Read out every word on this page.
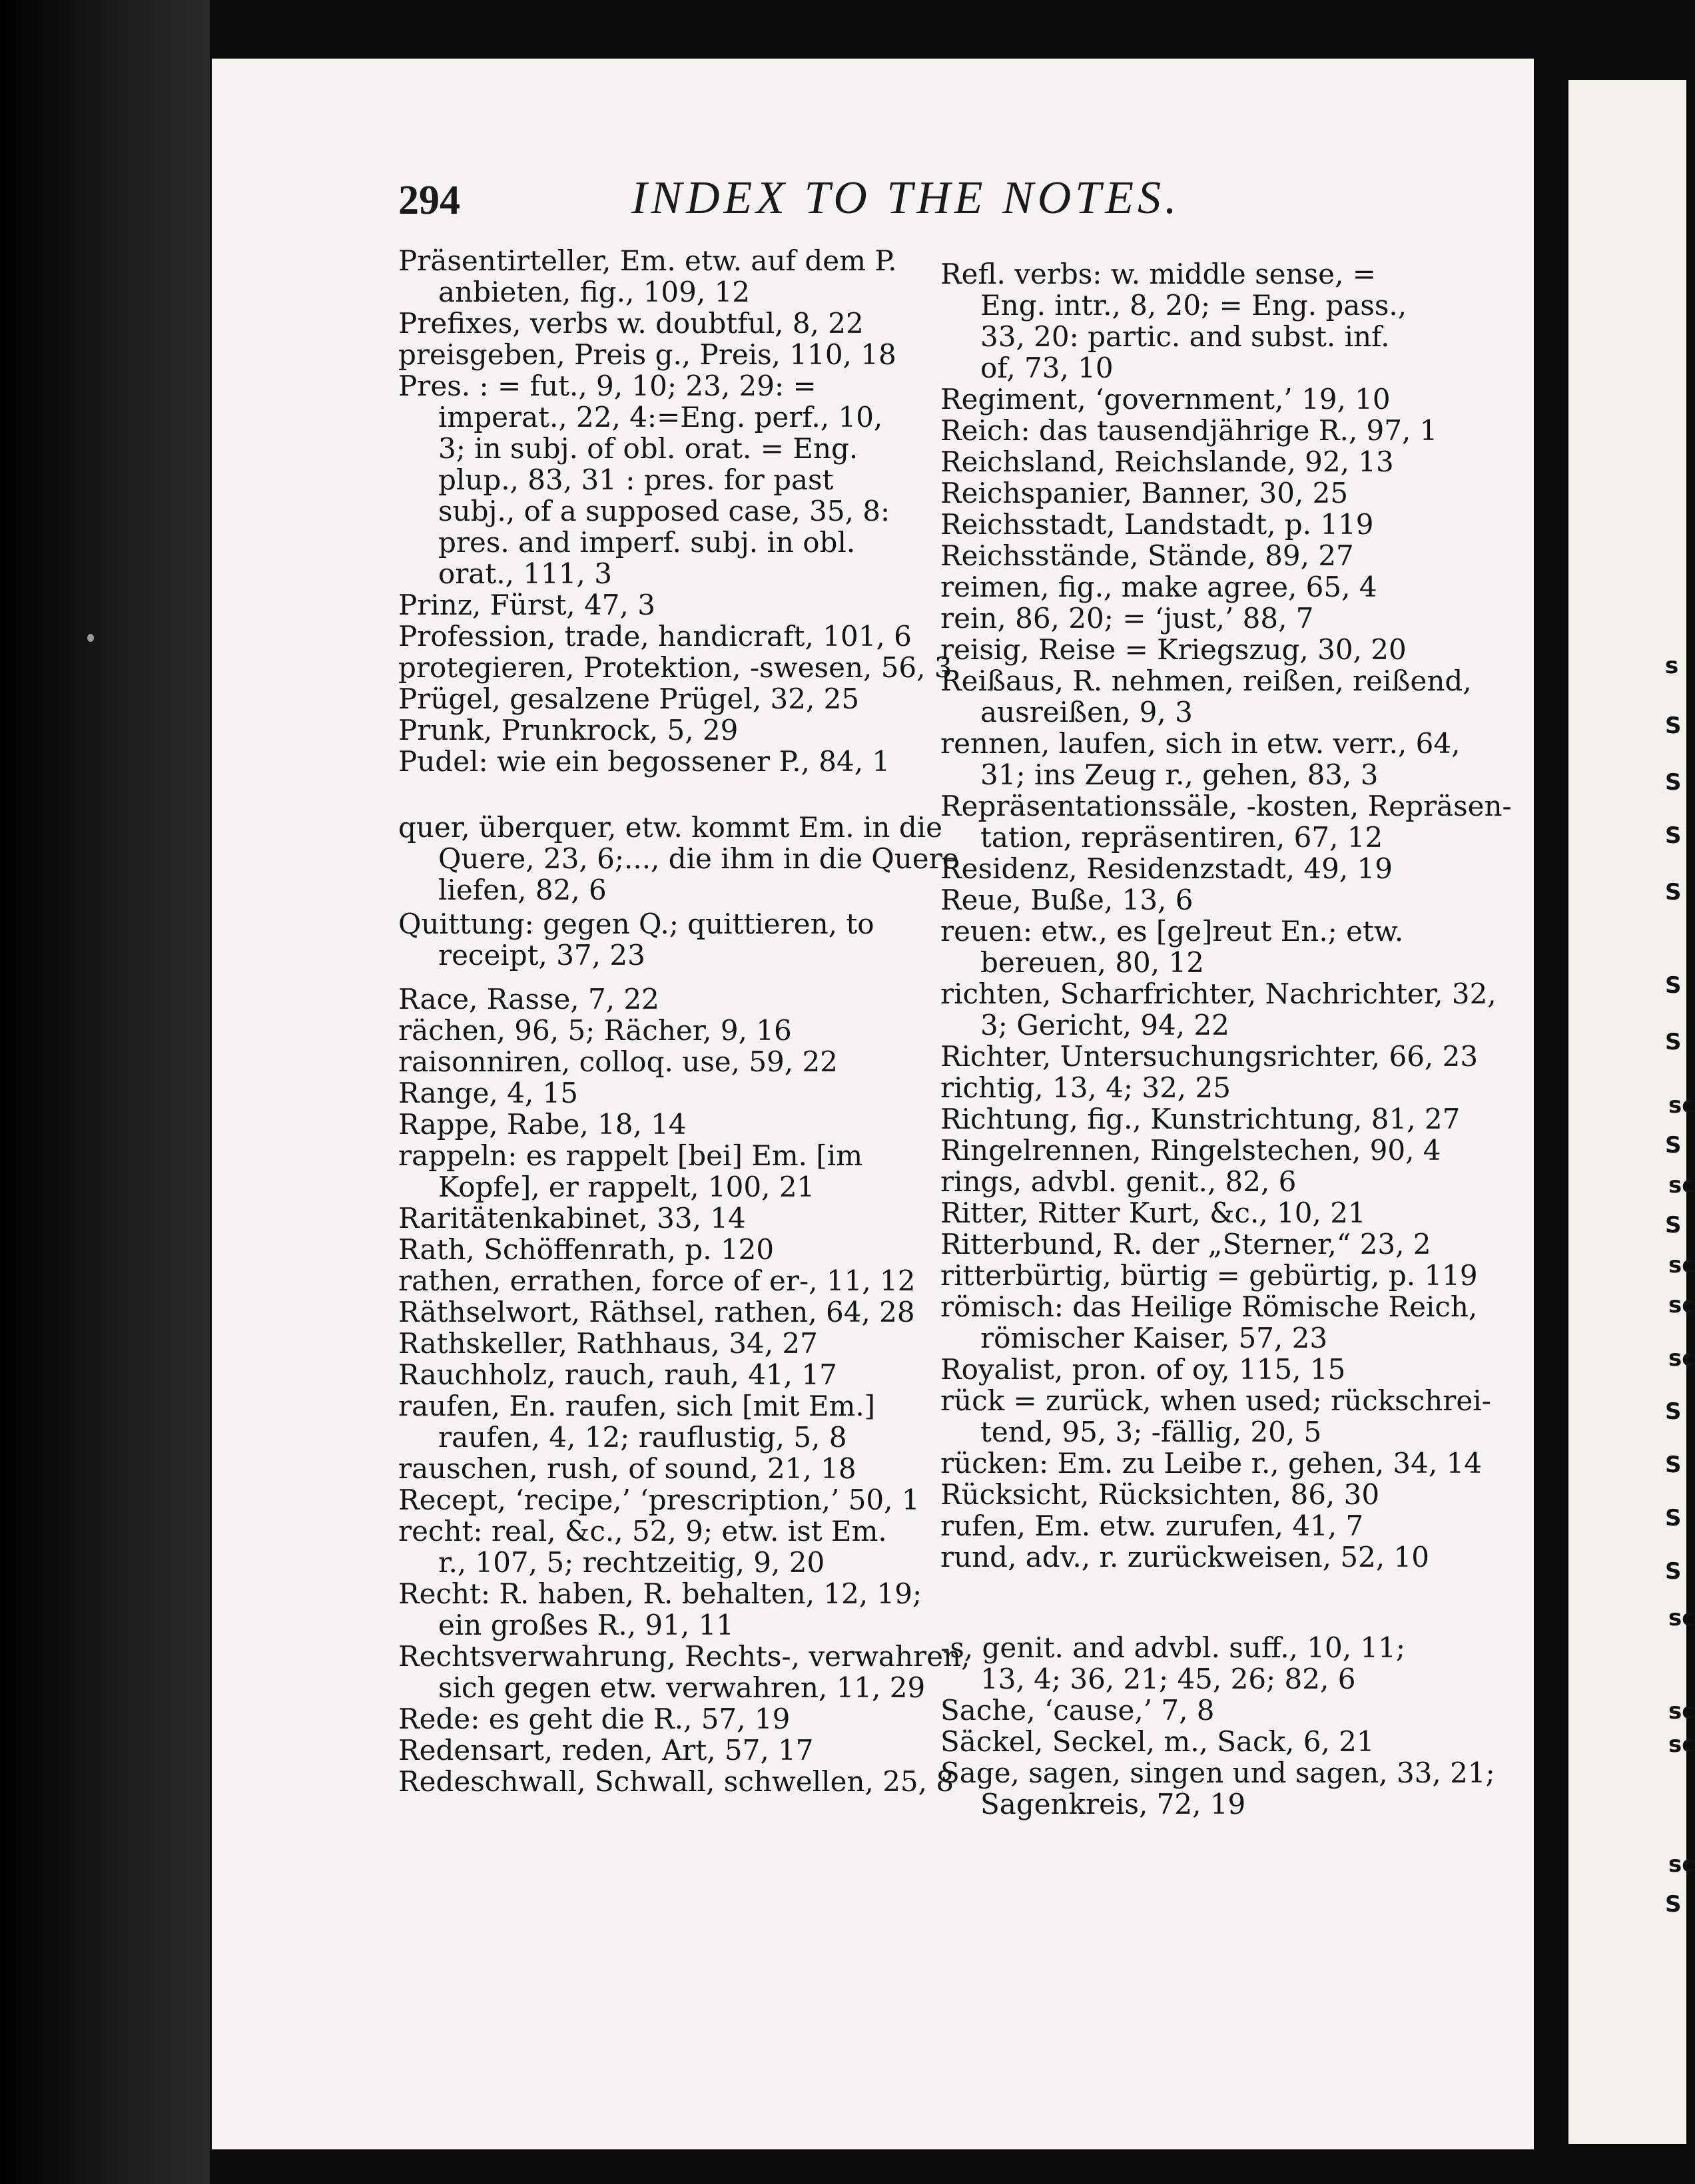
s
S
S
S
S
S
S
sc
S
sc
S
sc
sc
sc
S
S
S
S
sc
sc
sc
sc
S
294	INDEX TO THE NOTES.
Präsentirteller, Em. etw. auf dem P.
anbieten, fig., 109, 12
Prefixes, verbs w. doubtful, 8, 22
preisgeben, Preis g., Preis, 110, 18
Pres. : = fut., 9, 10; 23, 29: =
imperat., 22, 4:=Eng. perf., 10,
3; in subj. of obl. orat. = Eng.
plup., 83, 31 : pres. for past
subj., of a supposed case, 35, 8:
pres. and imperf. subj. in obl.
orat., 111, 3
Prinz, Fürst, 47, 3
Profession, trade, handicraft, 101, 6
protegieren, Protektion, -swesen, 56, 3
Prügel, gesalzene Prügel, 32, 25
Prunk, Prunkrock, 5, 29
Pudel: wie ein begossener P., 84, 1
quer, überquer, etw. kommt Em. in die
Quere, 23, 6;..., die ihm in die Quere
liefen, 82, 6
Quittung: gegen Q.; quittieren, to
receipt, 37, 23
Race, Rasse, 7, 22
rächen, 96, 5; Rächer, 9, 16
raisonniren, colloq. use, 59, 22
Range, 4, 15
Rappe, Rabe, 18, 14
rappeln: es rappelt [bei] Em. [im
Kopfe], er rappelt, 100, 21
Raritätenkabinet, 33, 14
Rath, Schöffenrath, p. 120
rathen, errathen, force of er-, 11, 12
Räthselwort, Räthsel, rathen, 64, 28
Rathskeller, Rathhaus, 34, 27
Rauchholz, rauch, rauh, 41, 17
raufen, En. raufen, sich [mit Em.]
raufen, 4, 12; rauflustig, 5, 8
rauschen, rush, of sound, 21, 18
Recept, ‘recipe,’ ‘prescription,’ 50, 1
recht: real, &c., 52, 9; etw. ist Em.
r., 107, 5; rechtzeitig, 9, 20
Recht: R. haben, R. behalten, 12, 19;
ein großes R., 91, 11
Rechtsverwahrung, Rechts-, verwahren,
sich gegen etw. verwahren, 11, 29
Rede: es geht die R., 57, 19
Redensart, reden, Art, 57, 17
Redeschwall, Schwall, schwellen, 25, 8
Refl. verbs: w. middle sense, =
Eng. intr., 8, 20; = Eng. pass.,
33, 20: partic. and subst. inf.
of, 73, 10
Regiment, ‘government,’ 19, 10
Reich: das tausendjährige R., 97, 1
Reichsland, Reichslande, 92, 13
Reichspanier, Banner, 30, 25
Reichsstadt, Landstadt, p. 119
Reichsstände, Stände, 89, 27
reimen, fig., make agree, 65, 4
rein, 86, 20; = ‘just,’ 88, 7
reisig, Reise = Kriegszug, 30, 20
Reißaus, R. nehmen, reißen, reißend,
ausreißen, 9, 3
rennen, laufen, sich in etw. verr., 64,
31; ins Zeug r., gehen, 83, 3
Repräsentationssäle, -kosten, Repräsen-
tation, repräsentiren, 67, 12
Residenz, Residenzstadt, 49, 19
Reue, Buße, 13, 6
reuen: etw., es [ge]reut En.; etw.
bereuen, 80, 12
richten, Scharfrichter, Nachrichter, 32,
3; Gericht, 94, 22
Richter, Untersuchungsrichter, 66, 23
richtig, 13, 4; 32, 25
Richtung, fig., Kunstrichtung, 81, 27
Ringelrennen, Ringelstechen, 90, 4
rings, advbl. genit., 82, 6
Ritter, Ritter Kurt, &c., 10, 21
Ritterbund, R. der „Sterner,“ 23, 2
ritterbürtig, bürtig = gebürtig, p. 119
römisch: das Heilige Römische Reich,
römischer Kaiser, 57, 23
Royalist, pron. of oy, 115, 15
rück = zurück, when used; rückschrei-
tend, 95, 3; -fällig, 20, 5
rücken: Em. zu Leibe r., gehen, 34, 14
Rücksicht, Rücksichten, 86, 30
rufen, Em. etw. zurufen, 41, 7
rund, adv., r. zurückweisen, 52, 10
-s, genit. and advbl. suff., 10, 11;
13, 4; 36, 21; 45, 26; 82, 6
Sache, ‘cause,’ 7, 8
Säckel, Seckel, m., Sack, 6, 21
Sage, sagen, singen und sagen, 33, 21;
Sagenkreis, 72, 19
